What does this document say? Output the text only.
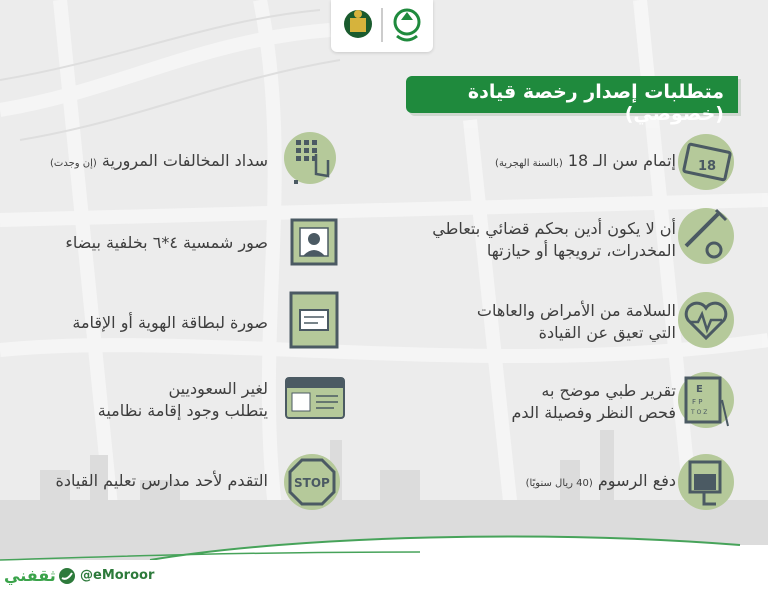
متطلبات إصدار رخصة قيادة (خصوصي)
18
إتمام سن الـ 18 (بالسنة الهجرية)
أن لا يكون أدين بحكم قضائي بتعاطي
المخدرات، ترويجها أو حيازتها
السلامة من الأمراض والعاهات
التي تعيق عن القيادة
E
F P
T O Z
تقرير طبي موضح به
فحص النظر وفصيلة الدم
دفع الرسوم (40 ريال سنويًا)
سداد المخالفات المرورية (إن وجدت)
صور شمسية ٤*٦ بخلفية بيضاء
صورة لبطاقة الهوية أو الإقامة
لغير السعوديين
يتطلب وجود إقامة نظامية
STOP
التقدم لأحد مدارس تعليم القيادة
ثقفني @eMoroor
